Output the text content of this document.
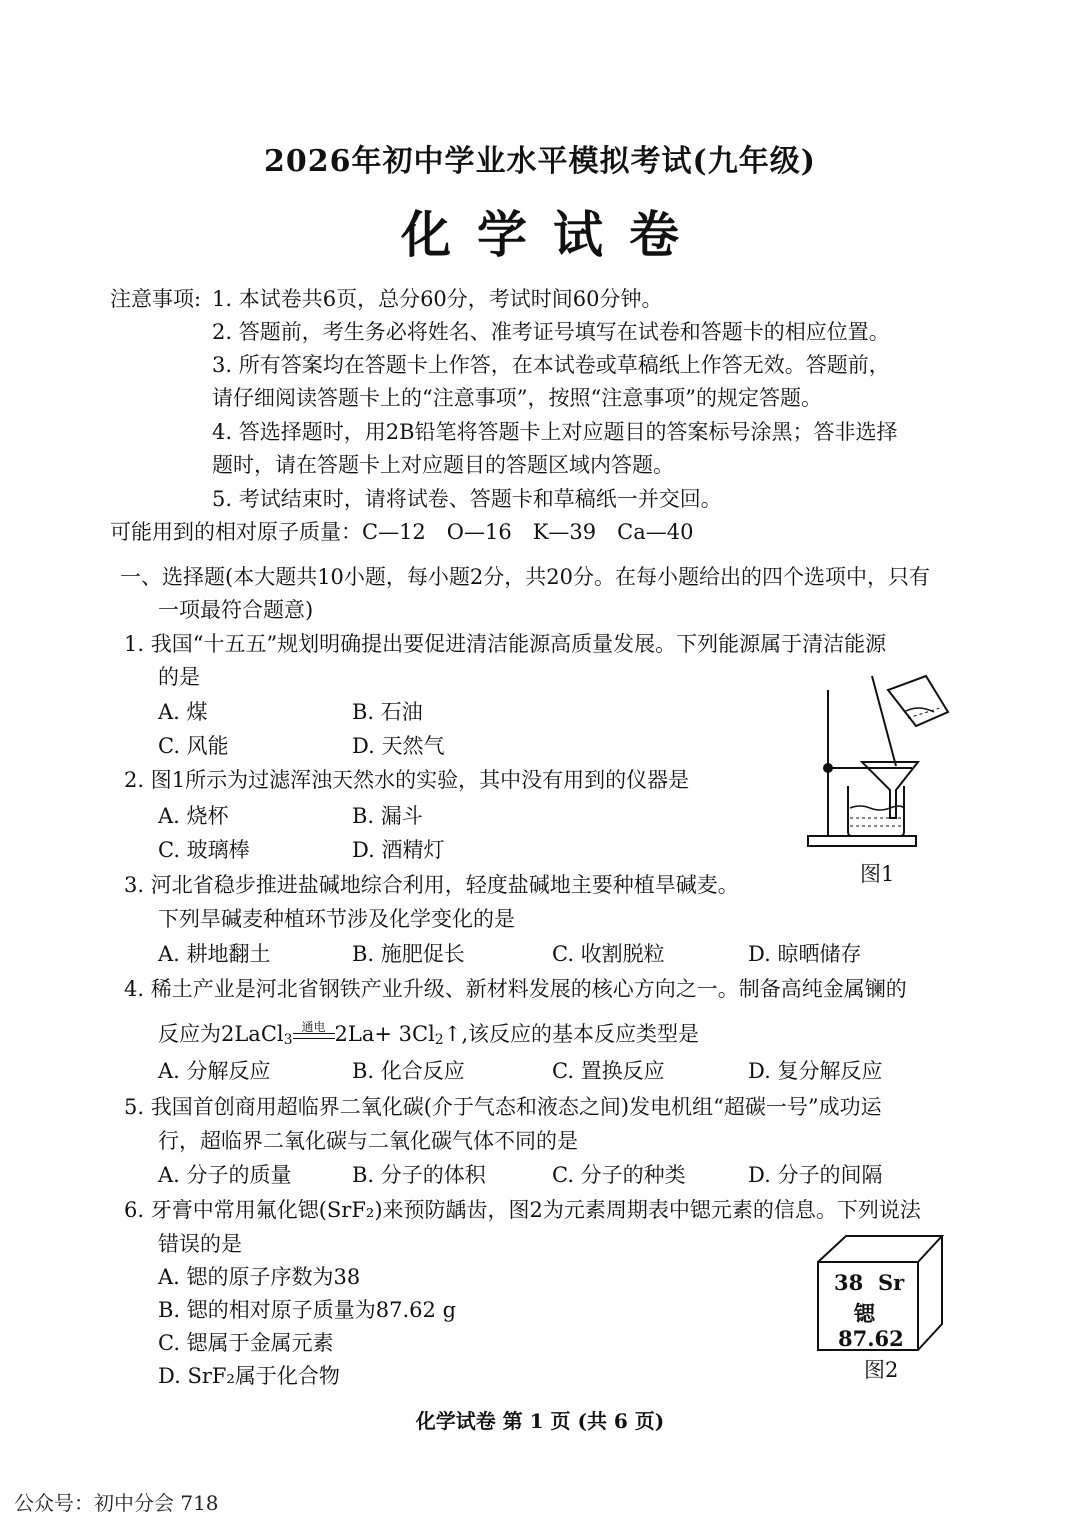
2026年初中学业水平模拟考试(九年级)
化学试卷
注意事项: 1. 本试卷共6页，总分60分，考试时间60分钟。
2. 答题前，考生务必将姓名、准考证号填写在试卷和答题卡的相应位置。
3. 所有答案均在答题卡上作答，在本试卷或草稿纸上作答无效。答题前，
请仔细阅读答题卡上的“注意事项”，按照“注意事项”的规定答题。
4. 答选择题时，用2B铅笔将答题卡上对应题目的答案标号涂黑；答非选择
题时，请在答题卡上对应题目的答题区域内答题。
5. 考试结束时，请将试卷、答题卡和草稿纸一并交回。
可能用到的相对原子质量：C—12　O—16　K—39　Ca—40
一、选择题(本大题共10小题，每小题2分，共20分。在每小题给出的四个选项中，只有
一项最符合题意)
1. 我国“十五五”规划明确提出要促进清洁能源高质量发展。下列能源属于清洁能源
的是
A. 煤	B. 石油
C. 风能	D. 天然气
2. 图1所示为过滤浑浊天然水的实验，其中没有用到的仪器是
A. 烧杯	B. 漏斗
C. 玻璃棒	D. 酒精灯
图1
3. 河北省稳步推进盐碱地综合利用，轻度盐碱地主要种植旱碱麦。
下列旱碱麦种植环节涉及化学变化的是
A. 耕地翻土	B. 施肥促长	C. 收割脱粒	D. 晾晒储存
4. 稀土产业是河北省钢铁产业升级、新材料发展的核心方向之一。制备高纯金属镧的
反应为2LaCl$_3$
通电 $2La+ 3Cl_2↑$,该反应的基本反应类型是
A. 分解反应	B. 化合反应	C. 置换反应	D. 复分解反应
5. 我国首创商用超临界二氧化碳(介于气态和液态之间)发电机组“超碳一号”成功运
行，超临界二氧化碳与二氧化碳气体不同的是
A. 分子的质量	B. 分子的体积	C. 分子的种类	D. 分子的间隔
6. 牙膏中常用氟化锶(SrF₂)来预防龋齿，图2为元素周期表中锶元素的信息。下列说法
错误的是
A. 锶的原子序数为38
B. 锶的相对原子质量为87.62 g
C. 锶属于金属元素
D. SrF₂属于化合物
38 Sr
锶
87.62
图2
化学试卷 第 1 页 (共 6 页)
公众号：初中分会 718
